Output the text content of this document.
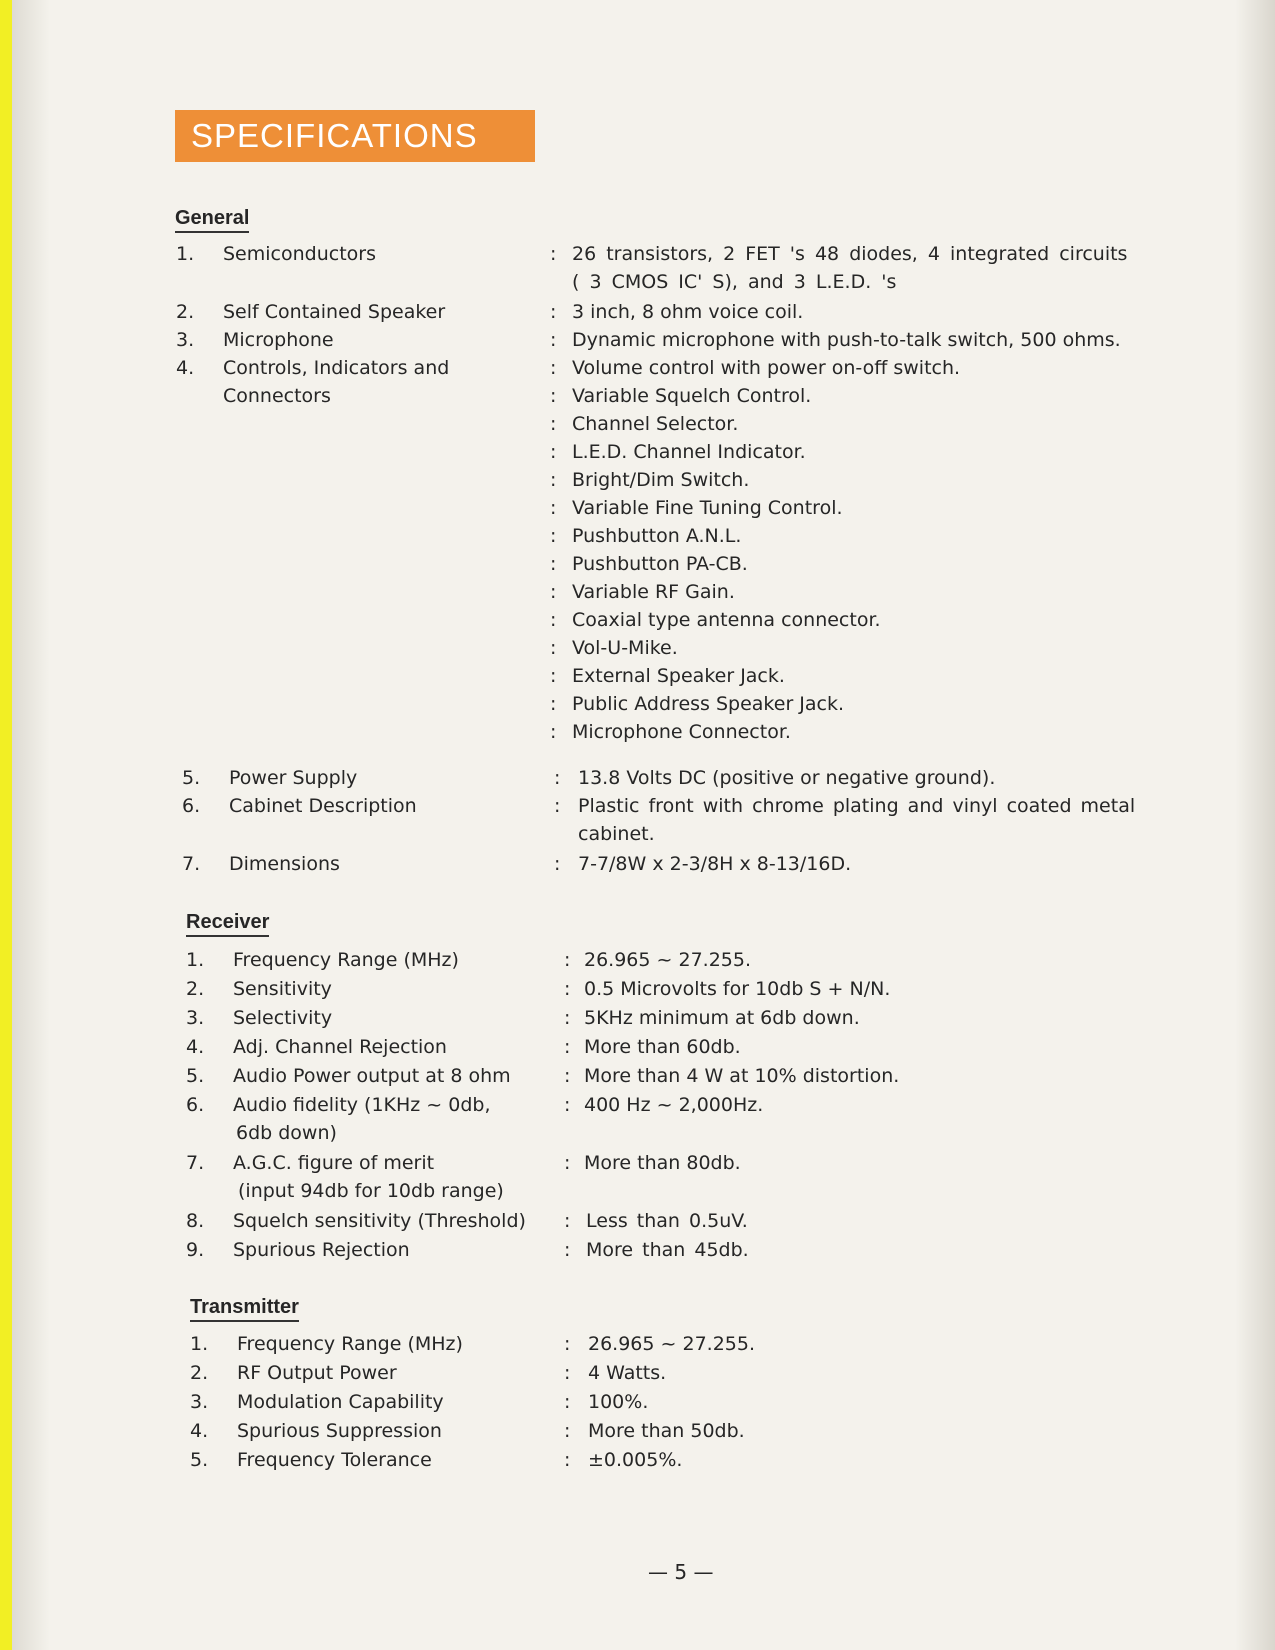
SPECIFICATIONS
General
1.	Semiconductors	: 26 transistors, 2 FET 's 48 diodes, 4 integrated circuits
( 3 CMOS IC' S), and 3 L.E.D. 's
2.	Self Contained Speaker	: 3 inch, 8 ohm voice coil.
3.	Microphone	: Dynamic microphone with push-to-talk switch, 500 ohms.
4.	Controls, Indicators and	: Volume control with power on-off switch.
Connectors	: Variable Squelch Control.
: Channel Selector.
: L.E.D. Channel Indicator.
: Bright/Dim Switch.
: Variable Fine Tuning Control.
: Pushbutton A.N.L.
: Pushbutton PA-CB.
: Variable RF Gain.
: Coaxial type antenna connector.
: Vol-U-Mike.
: External Speaker Jack.
: Public Address Speaker Jack.
: Microphone Connector.
5.	Power Supply	: 13.8 Volts DC (positive or negative ground).
6.	Cabinet Description	: Plastic front with chrome plating and vinyl coated metal
cabinet.
7.	Dimensions	: 7-7/8W x 2-3/8H x 8-13/16D.
Receiver
1.	Frequency Range (MHz)	: 26.965 ~ 27.255.
2.	Sensitivity	: 0.5 Microvolts for 10db S + N/N.
3.	Selectivity	: 5KHz minimum at 6db down.
4.	Adj. Channel Rejection	: More than 60db.
5.	Audio Power output at 8 ohm	: More than 4 W at 10% distortion.
6.	Audio fidelity (1KHz ~ 0db,	: 400 Hz ~ 2,000Hz.
6db down)
7.	A.G.C. figure of merit	: More than 80db.
(input 94db for 10db range)
8.	Squelch sensitivity (Threshold) : Less than 0.5uV.
9.	Spurious Rejection	: More than 45db.
Transmitter
1.	Frequency Range (MHz)	: 26.965 ~ 27.255.
2.	RF Output Power	: 4 Watts.
3.	Modulation Capability	: 100%.
4.	Spurious Suppression	: More than 50db.
5.	Frequency Tolerance	: ±0.005%.
— 5 —
